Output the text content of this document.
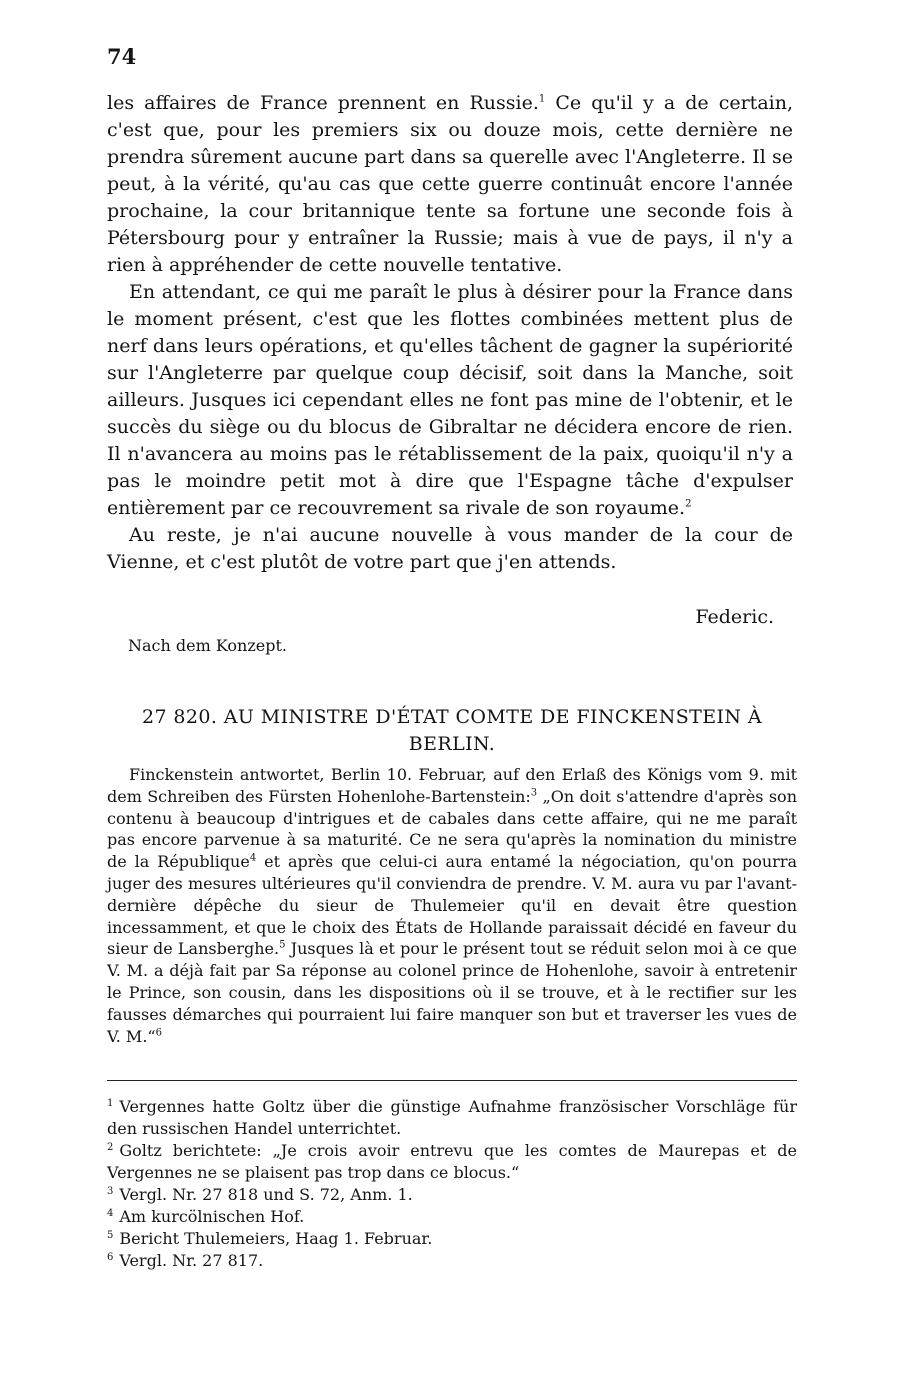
74

les affaires de France prennent en Russie.$^1$ Ce qu'il y a de certain, c'est que, pour les premiers six ou douze mois, cette dernière ne prendra sûrement aucune part dans sa querelle avec l'Angleterre. Il se peut, à la vérité, qu'au cas que cette guerre continuât encore l'année prochaine, la cour britannique tente sa fortune une seconde fois à Pétersbourg pour y entraîner la Russie; mais à vue de pays, il n'y a rien à appréhender de cette nouvelle tentative.

En attendant, ce qui me paraît le plus à désirer pour la France dans le moment présent, c'est que les flottes combinées mettent plus de nerf dans leurs opérations, et qu'elles tâchent de gagner la supériorité sur l'Angleterre par quelque coup décisif, soit dans la Manche, soit ailleurs. Jusques ici cependant elles ne font pas mine de l'obtenir, et le succès du siège ou du blocus de Gibraltar ne décidera encore de rien. Il n'avancera au moins pas le rétablissement de la paix, quoiqu'il n'y a pas le moindre petit mot à dire que l'Espagne tâche d'expulser entièrement par ce recouvrement sa rivale de son royaume.$^2$

Au reste, je n'ai aucune nouvelle à vous mander de la cour de Vienne, et c'est plutôt de votre part que j'en attends.

Federic.
Nach dem Konzept.
27 820. AU MINISTRE D'ÉTAT COMTE DE FINCKENSTEIN À BERLIN.

Finckenstein antwortet, Berlin 10. Februar, auf den Erlaß des Königs vom 9. mit dem Schreiben des Fürsten Hohenlohe-Bartenstein:$^3$ „On doit s'attendre d'après son contenu à beaucoup d'intrigues et de cabales dans cette affaire, qui ne me paraît pas encore parvenue à sa maturité. Ce ne sera qu'après la nomination du ministre de la République$^4$ et après que celui-ci aura entamé la négociation, qu'on pourra juger des mesures ultérieures qu'il conviendra de prendre. V. M. aura vu par l'avant-dernière dépêche du sieur de Thulemeier qu'il en devait être question incessamment, et que le choix des États de Hollande paraissait décidé en faveur du sieur de Lansberghe.$^5$ Jusques là et pour le présent tout se réduit selon moi à ce que V. M. a déjà fait par Sa réponse au colonel prince de Hohenlohe, savoir à entretenir le Prince, son cousin, dans les dispositions où il se trouve, et à le rectifier sur les fausses démarches qui pourraient lui faire manquer son but et traverser les vues de V. M.“$^6$

$^1$ Vergennes hatte Goltz über die günstige Aufnahme französischer Vorschläge für den russischen Handel unterrichtet.

$^2$ Goltz berichtete: „Je crois avoir entrevu que les comtes de Maurepas et de Vergennes ne se plaisent pas trop dans ce blocus.“

$^3$ Vergl. Nr. 27 818 und S. 72, Anm. 1.

$^4$ Am kurcölnischen Hof.

$^5$ Bericht Thulemeiers, Haag 1. Februar.

$^6$ Vergl. Nr. 27 817.
